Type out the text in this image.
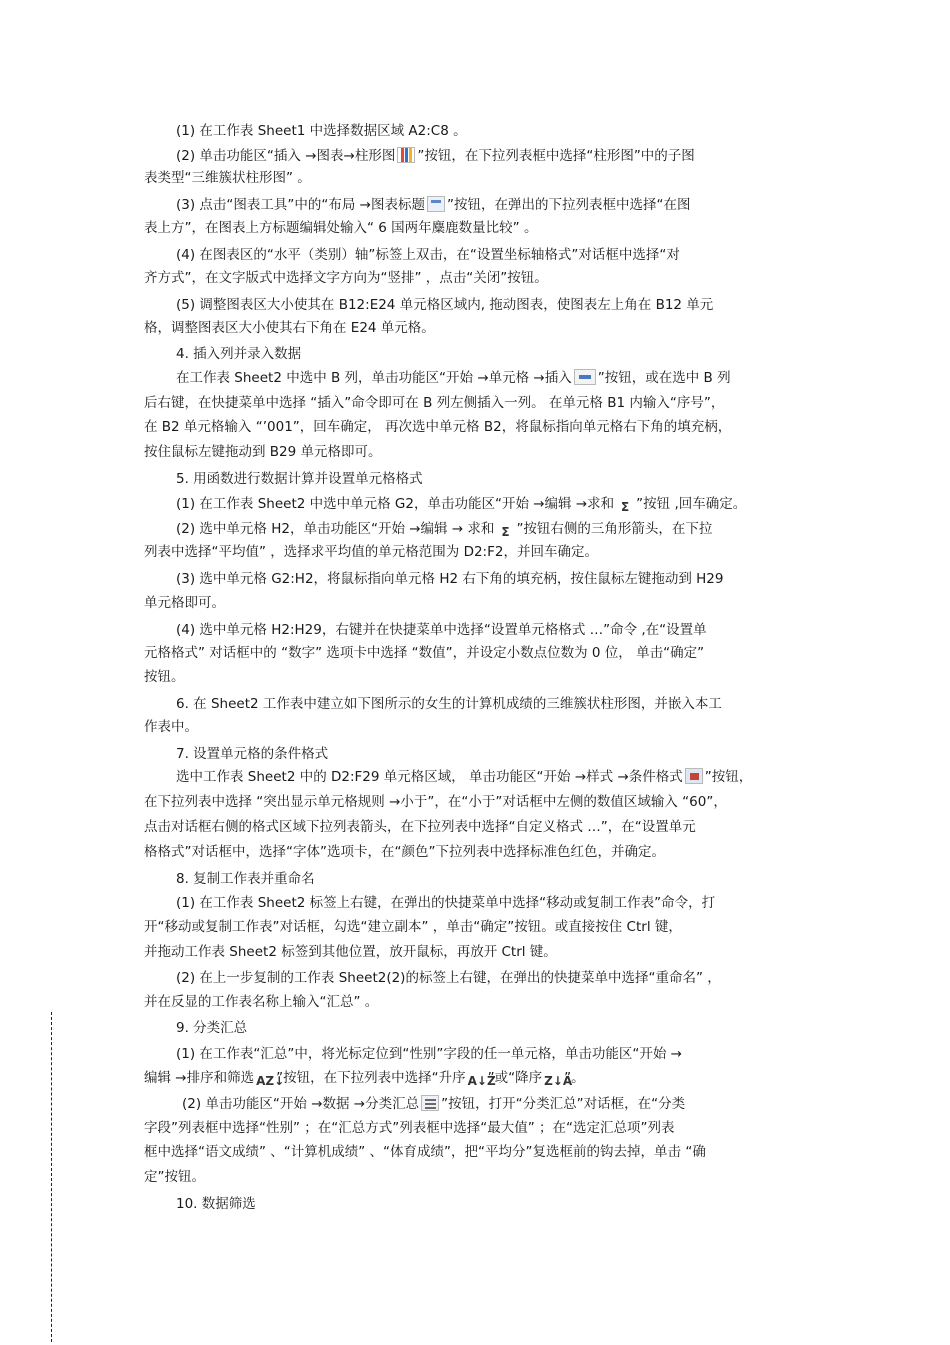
(1) 在工作表 Sheet1 中选择数据区域 A2:C8 。
(2) 单击功能区“插入 →图表→柱形图 ”按钮，在下拉列表框中选择“柱形图”中的子图
表类型“三维簇状柱形图” 。
(3) 点击“图表工具”中的“布局 →图表标题 ”按钮，在弹出的下拉列表框中选择“在图
表上方”，在图表上方标题编辑处输入“ 6 国两年麋鹿数量比较” 。
(4) 在图表区的“水平（类别）轴”标签上双击，在“设置坐标轴格式”对话框中选择“对
齐方式”，在文字版式中选择文字方向为“竖排” ，点击“关闭”按钮。
(5) 调整图表区大小使其在 B12:E24 单元格区域内, 拖动图表，使图表左上角在 B12 单元
格，调整图表区大小使其右下角在 E24 单元格。
4. 插入列并录入数据
在工作表 Sheet2 中选中 B 列，单击功能区“开始 →单元格 →插入 ”按钮，或在选中 B 列
后右键，在快捷菜单中选择 “插入”命令即可在 B 列左侧插入一列。 在单元格 B1 内输入“序号”，
在 B2 单元格输入 “’001”，回车确定， 再次选中单元格 B2，将鼠标指向单元格右下角的填充柄，
按住鼠标左键拖动到 B29 单元格即可。
5. 用函数进行数据计算并设置单元格格式
(1) 在工作表 Sheet2 中选中单元格 G2，单击功能区“开始 →编辑 →求和 Σ ”按钮 ,回车确定。
(2) 选中单元格 H2，单击功能区“开始 →编辑 → 求和 Σ ”按钮右侧的三角形箭头，在下拉
列表中选择“平均值” ，选择求平均值的单元格范围为 D2:F2，并回车确定。
(3) 选中单元格 G2:H2，将鼠标指向单元格 H2 右下角的填充柄，按住鼠标左键拖动到 H29
单元格即可。
(4) 选中单元格 H2:H29，右键并在快捷菜单中选择“设置单元格格式 …”命令 ,在“设置单
元格格式” 对话框中的 “数字” 选项卡中选择 “数值”，并设定小数点位数为 0 位， 单击“确定”
按钮。
6. 在 Sheet2 工作表中建立如下图所示的女生的计算机成绩的三维簇状柱形图，并嵌入本工
作表中。
7. 设置单元格的条件格式
选中工作表 Sheet2 中的 D2:F29 单元格区域， 单击功能区“开始 →样式 →条件格式 ”按钮，
在下拉列表中选择 “突出显示单元格规则 →小于”，在“小于”对话框中左侧的数值区域输入 “60”，
点击对话框右侧的格式区域下拉列表箭头，在下拉列表中选择“自定义格式 …”，在“设置单元
格格式”对话框中，选择“字体”选项卡，在“颜色”下拉列表中选择标准色红色，并确定。
8. 复制工作表并重命名
(1) 在工作表 Sheet2 标签上右键，在弹出的快捷菜单中选择“移动或复制工作表”命令，打
开“移动或复制工作表”对话框，勾选“建立副本” ，单击“确定”按钮。或直接按住 Ctrl 键，
并拖动工作表 Sheet2 标签到其他位置，放开鼠标，再放开 Ctrl 键。
(2) 在上一步复制的工作表 Sheet2(2)的标签上右键，在弹出的快捷菜单中选择“重命名” ，
并在反显的工作表名称上输入“汇总” 。
9. 分类汇总
(1) 在工作表“汇总”中，将光标定位到“性别”字段的任一单元格，单击功能区“开始 →
编辑 →排序和筛选 AZ↓”按钮，在下拉列表中选择“升序 A↓Z”或“降序 Z↓A”。
(2) 单击功能区“开始 →数据 →分类汇总 ”按钮，打开“分类汇总”对话框，在“分类
字段”列表框中选择“性别” ；在“汇总方式”列表框中选择“最大值” ；在“选定汇总项”列表
框中选择“语文成绩” 、“计算机成绩” 、“体育成绩”，把“平均分”复选框前的钩去掉，单击 “确
定”按钮。
10. 数据筛选
